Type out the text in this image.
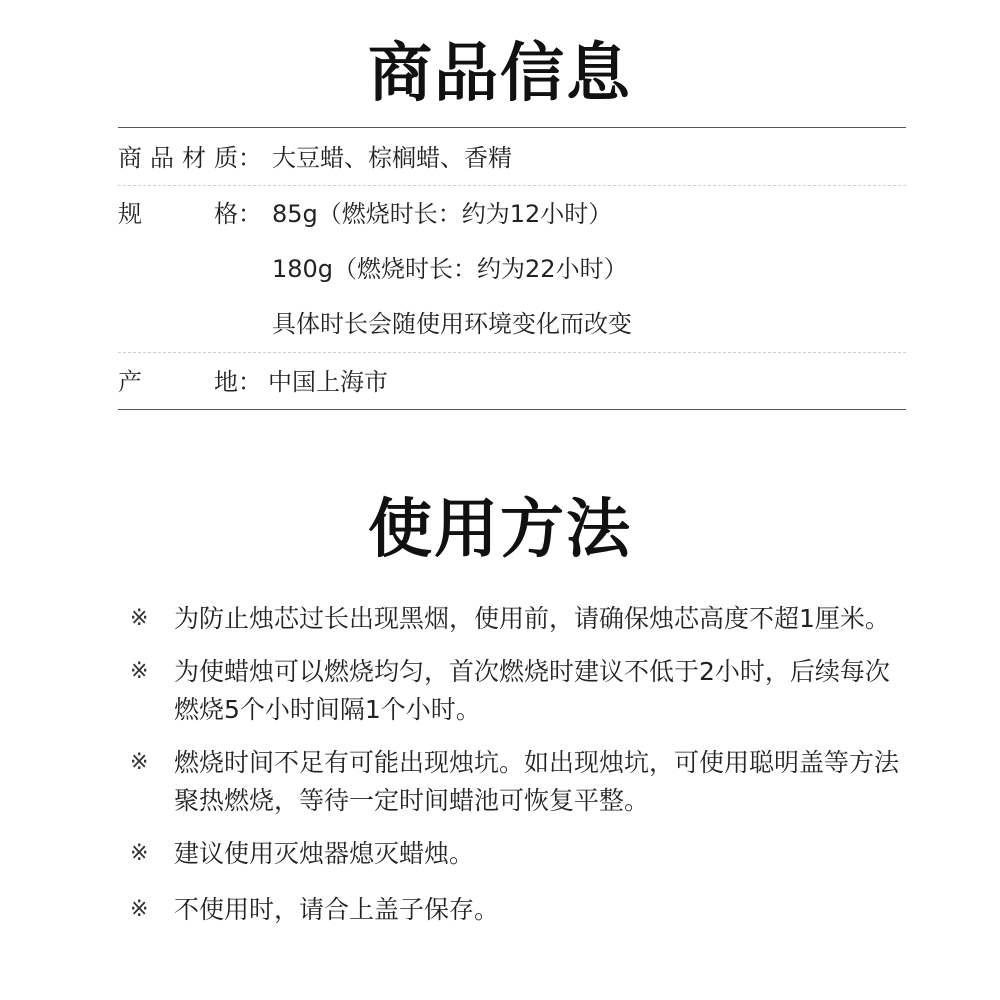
商品信息
商 品 材 质 ： 大豆蜡、棕榈蜡、香精
规	格 ： 85g（燃烧时长：约为12小时）
180g（燃烧时长：约为22小时）
具体时长会随使用环境变化而改变
产	地 ： 中国上海市
使用方法
※ 为防止烛芯过长出现黑烟，使用前，请确保烛芯高度不超1厘米。
※ 为使蜡烛可以燃烧均匀，首次燃烧时建议不低于2小时，后续每次燃烧5个小时间隔1个小时。
※ 燃烧时间不足有可能出现烛坑。如出现烛坑，可使用聪明盖等方法聚热燃烧，等待一定时间蜡池可恢复平整。
※ 建议使用灭烛器熄灭蜡烛。
※ 不使用时，请合上盖子保存。
